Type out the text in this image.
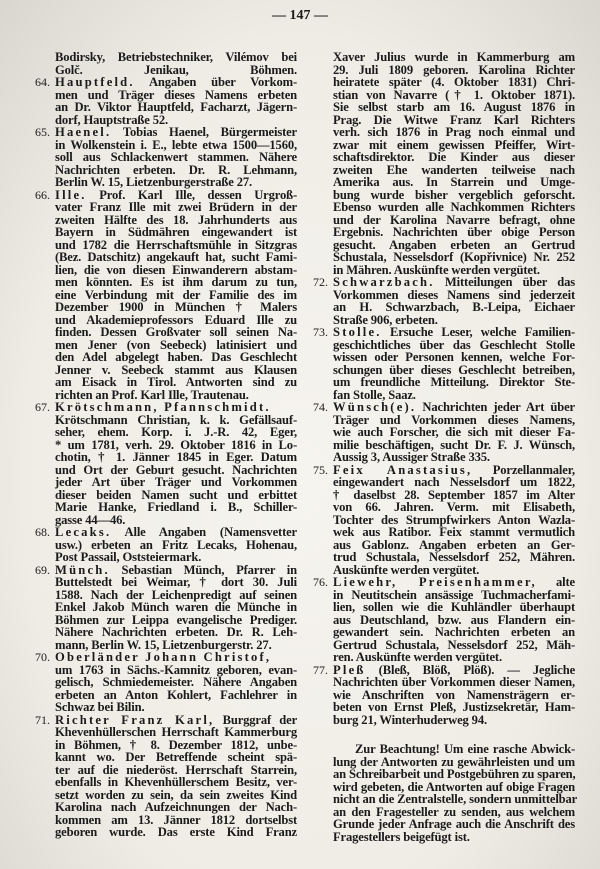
— 147 —
Bodirsky, Betriebstechniker, Vilémov bei
Golč. Jenikau, Böhmen.
64. Hauptfeld. Angaben über Vorkom-
men und Träger dieses Namens erbeten
an Dr. Viktor Hauptfeld, Facharzt, Jägern-
dorf, Hauptstraße 52.
65. Haenel. Tobias Haenel, Bürgermeister
in Wolkenstein i. E., lebte etwa 1500—1560,
soll aus Schlackenwert stammen. Nähere
Nachrichten erbeten. Dr. R. Lehmann,
Berlin W. 15, Lietzenburgerstraße 27.
66. Ille. Prof. Karl Ille, dessen Urgroß-
vater Franz Ille mit zwei Brüdern in der
zweiten Hälfte des 18. Jahrhunderts aus
Bayern in Südmähren eingewandert ist
und 1782 die Herrschaftsmühle in Sitzgras
(Bez. Datschitz) angekauft hat, sucht Fami-
lien, die von diesen Einwanderern abstam-
men könnten. Es ist ihm darum zu tun,
eine Verbindung mit der Familie des im
Dezember 1900 in München † Malers
und Akademieprofessors Eduard Ille zu
finden. Dessen Großvater soll seinen Na-
men Jener (von Seebeck) latinisiert und
den Adel abgelegt haben. Das Geschlecht
Jenner v. Seebeck stammt aus Klausen
am Eisack in Tirol. Antworten sind zu
richten an Prof. Karl Ille, Trautenau.
67. Krötschmann, Pfannschmidt.
Krötschmann Christian, k. k. Gefällsauf-
seher, ehem. Korp. i. J.-R. 42, Eger,
* um 1781, verh. 29. Oktober 1816 in Lo-
chotin, † 1. Jänner 1845 in Eger. Datum
und Ort der Geburt gesucht. Nachrichten
jeder Art über Träger und Vorkommen
dieser beiden Namen sucht und erbittet
Marie Hanke, Friedland i. B., Schiller-
gasse 44—46.
68. Lecaks. Alle Angaben (Namensvetter
usw.) erbeten an Fritz Lecaks, Hohenau,
Post Passail, Oststeiermark.
69. Münch. Sebastian Münch, Pfarrer in
Buttelstedt bei Weimar, † dort 30. Juli
1588. Nach der Leichenpredigt auf seinen
Enkel Jakob Münch waren die Münche in
Böhmen zur Leippa evangelische Prediger.
Nähere Nachrichten erbeten. Dr. R. Leh-
mann, Berlin W. 15, Lietzenburgerstr. 27.
70. Oberländer Johann Christof,
um 1763 in Sächs.-Kamnitz geboren, evan-
gelisch, Schmiedemeister. Nähere Angaben
erbeten an Anton Kohlert, Fachlehrer in
Schwaz bei Bilin.
71. Richter Franz Karl, Burggraf der
Khevenhüllerschen Herrschaft Kammerburg
in Böhmen, † 8. Dezember 1812, unbe-
kannt wo. Der Betreffende scheint spä-
ter auf die niederöst. Herrschaft Starrein,
ebenfalls in Khevenhüllerschem Besitz, ver-
setzt worden zu sein, da sein zweites Kind
Karolina nach Aufzeichnungen der Nach-
kommen am 13. Jänner 1812 dortselbst
geboren wurde. Das erste Kind Franz
Xaver Julius wurde in Kammerburg am
29. Juli 1809 geboren. Karolina Richter
heiratete später (4. Oktober 1831) Chri-
stian von Navarre († 1. Oktober 1871).
Sie selbst starb am 16. August 1876 in
Prag. Die Witwe Franz Karl Richters
verh. sich 1876 in Prag noch einmal und
zwar mit einem gewissen Pfeiffer, Wirt-
schaftsdirektor. Die Kinder aus dieser
zweiten Ehe wanderten teilweise nach
Amerika aus. In Starrein und Umge-
bung wurde bisher vergeblich geforscht.
Ebenso wurden alle Nachkommen Richters
und der Karolina Navarre befragt, ohne
Ergebnis. Nachrichten über obige Person
gesucht. Angaben erbeten an Gertrud
Schustala, Nesselsdorf (Kopřivnice) Nr. 252
in Mähren. Auskünfte werden vergütet.
72. Schwarzbach. Mitteilungen über das
Vorkommen dieses Namens sind jederzeit
an H. Schwarzbach, B.-Leipa, Eichaer
Straße 906, erbeten.
73. Stolle. Ersuche Leser, welche Familien-
geschichtliches über das Geschlecht Stolle
wissen oder Personen kennen, welche For-
schungen über dieses Geschlecht betreiben,
um freundliche Mitteilung. Direktor Ste-
fan Stolle, Saaz.
74. Wünsch(e). Nachrichten jeder Art über
Träger und Vorkommen dieses Namens,
wie auch Forscher, die sich mit dieser Fa-
milie beschäftigen, sucht Dr. F. J. Wünsch,
Aussig 3, Aussiger Straße 335.
75. Feix Anastasius, Porzellanmaler,
eingewandert nach Nesselsdorf um 1822,
† daselbst 28. September 1857 im Alter
von 66. Jahren. Verm. mit Elisabeth,
Tochter des Strumpfwirkers Anton Wazla-
wek aus Ratibor. Feix stammt vermutlich
aus Gablonz. Angaben erbeten an Ger-
trud Schustala, Nesselsdorf 252, Mähren.
Auskünfte werden vergütet.
76. Liewehr, Preisenhammer, alte
in Neutitschein ansässige Tuchmacherfami-
lien, sollen wie die Kuhländler überhaupt
aus Deutschland, bzw. aus Flandern ein-
gewandert sein. Nachrichten erbeten an
Gertrud Schustala, Nesselsdorf 252, Mäh-
ren. Auskünfte werden vergütet.
77. Pleß (Bleß, Blöß, Plöß). — Jegliche
Nachrichten über Vorkommen dieser Namen,
wie Anschriften von Namensträgern er-
beten von Ernst Pleß, Justizsekretär, Ham-
burg 21, Winterhuderweg 94.
Zur Beachtung! Um eine rasche Abwick-
lung der Antworten zu gewährleisten und um
an Schreibarbeit und Postgebühren zu sparen,
wird gebeten, die Antworten auf obige Fragen
nicht an die Zentralstelle, sondern unmittelbar
an den Fragesteller zu senden, aus welchem
Grunde jeder Anfrage auch die Anschrift des
Fragestellers beigefügt ist.
